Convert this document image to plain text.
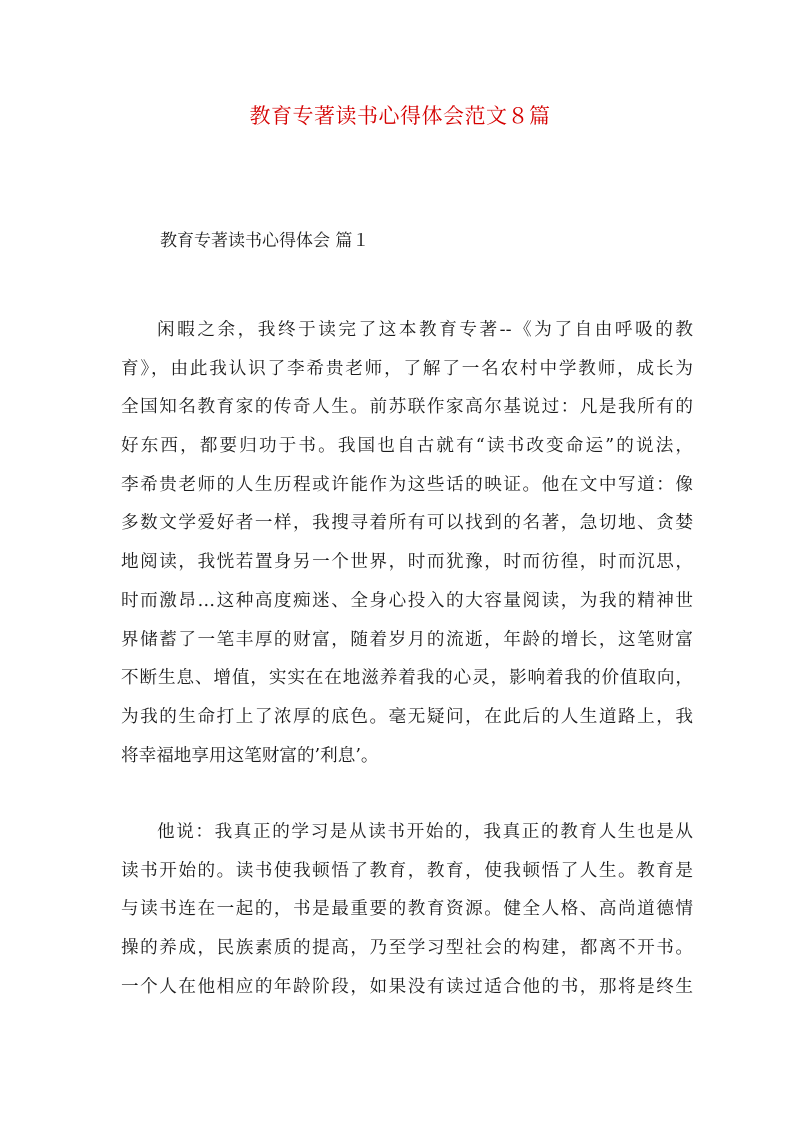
教育专著读书心得体会范文８篇
教育专著读书心得体会 篇１
闲暇之余，我终于读完了这本教育专著--《为了自由呼吸的教
育》，由此我认识了李希贵老师，了解了一名农村中学教师，成长为
全国知名教育家的传奇人生。前苏联作家高尔基说过：凡是我所有的
好东西，都要归功于书。我国也自古就有“读书改变命运”的说法，
李希贵老师的人生历程或许能作为这些话的映证。他在文中写道：像
多数文学爱好者一样，我搜寻着所有可以找到的名著，急切地、贪婪
地阅读，我恍若置身另一个世界，时而犹豫，时而彷徨，时而沉思，
时而激昂…这种高度痴迷、全身心投入的大容量阅读，为我的精神世
界储蓄了一笔丰厚的财富，随着岁月的流逝，年龄的增长，这笔财富
不断生息、增值，实实在在地滋养着我的心灵，影响着我的价值取向，
为我的生命打上了浓厚的底色。毫无疑问，在此后的人生道路上，我
将幸福地享用这笔财富的’利息’。
他说：我真正的学习是从读书开始的，我真正的教育人生也是从
读书开始的。读书使我顿悟了教育，教育，使我顿悟了人生。教育是
与读书连在一起的，书是最重要的教育资源。健全人格、高尚道德情
操的养成，民族素质的提高，乃至学习型社会的构建，都离不开书。
一个人在他相应的年龄阶段，如果没有读过适合他的书，那将是终生
